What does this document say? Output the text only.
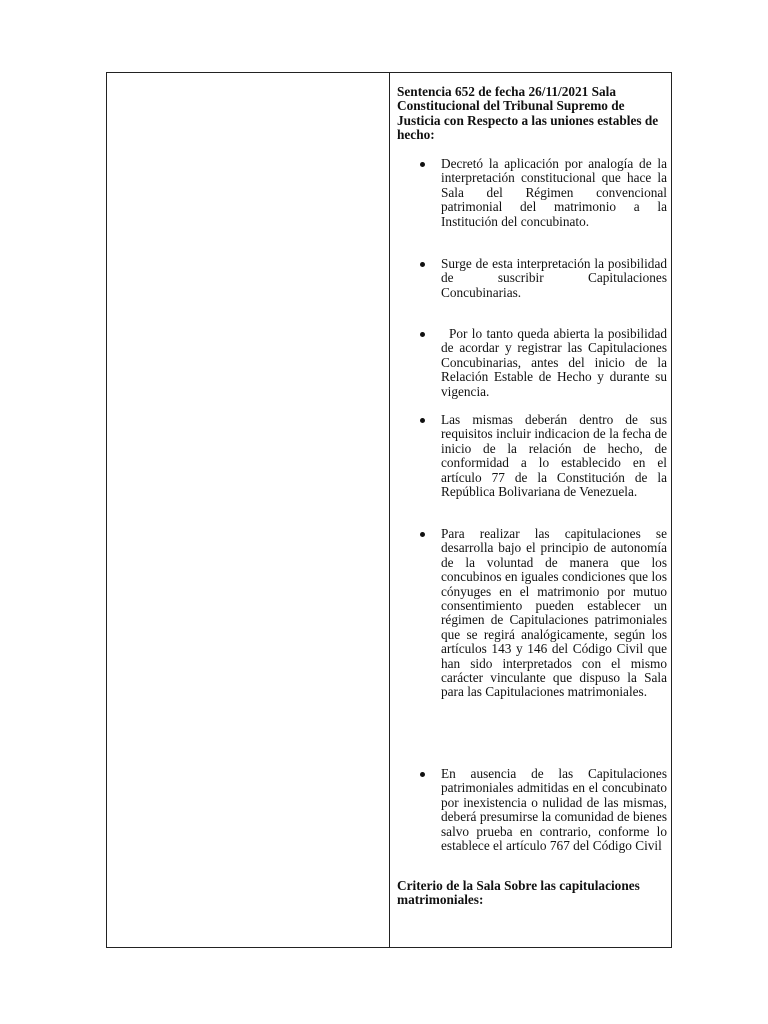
Sentencia 652 de fecha 26/11/2021 Sala Constitucional del Tribunal Supremo de Justicia con Respecto a las uniones estables de hecho:

Decretó la aplicación por analogía de la interpretación constitucional que hace la Sala del Régimen convencional patrimonial del matrimonio a la Institución del concubinato.

Surge de esta interpretación la posibilidad de suscribir Capitulaciones Concubinarias.

Por lo tanto queda abierta la posibilidad de acordar y registrar las Capitulaciones Concubinarias, antes del inicio de la Relación Estable de Hecho y durante su vigencia.

Las mismas deberán dentro de sus requisitos incluir indicacion de la fecha de inicio de la relación de hecho, de conformidad a lo establecido en el artículo 77 de la Constitución de la República Bolivariana de Venezuela.

Para realizar las capitulaciones se desarrolla bajo el principio de autonomía de la voluntad de manera que los concubinos en iguales condiciones que los cónyuges en el matrimonio por mutuo consentimiento pueden establecer un régimen de Capitulaciones patrimoniales que se regirá analógicamente, según los artículos 143 y 146 del Código Civil que han sido interpretados con el mismo carácter vinculante que dispuso la Sala para las Capitulaciones matrimoniales.

En ausencia de las Capitulaciones patrimoniales admitidas en el concubinato por inexistencia o nulidad de las mismas, deberá presumirse la comunidad de bienes salvo prueba en contrario, conforme lo establece el artículo 767 del Código Civil

Criterio de la Sala Sobre las capitulaciones matrimoniales:
